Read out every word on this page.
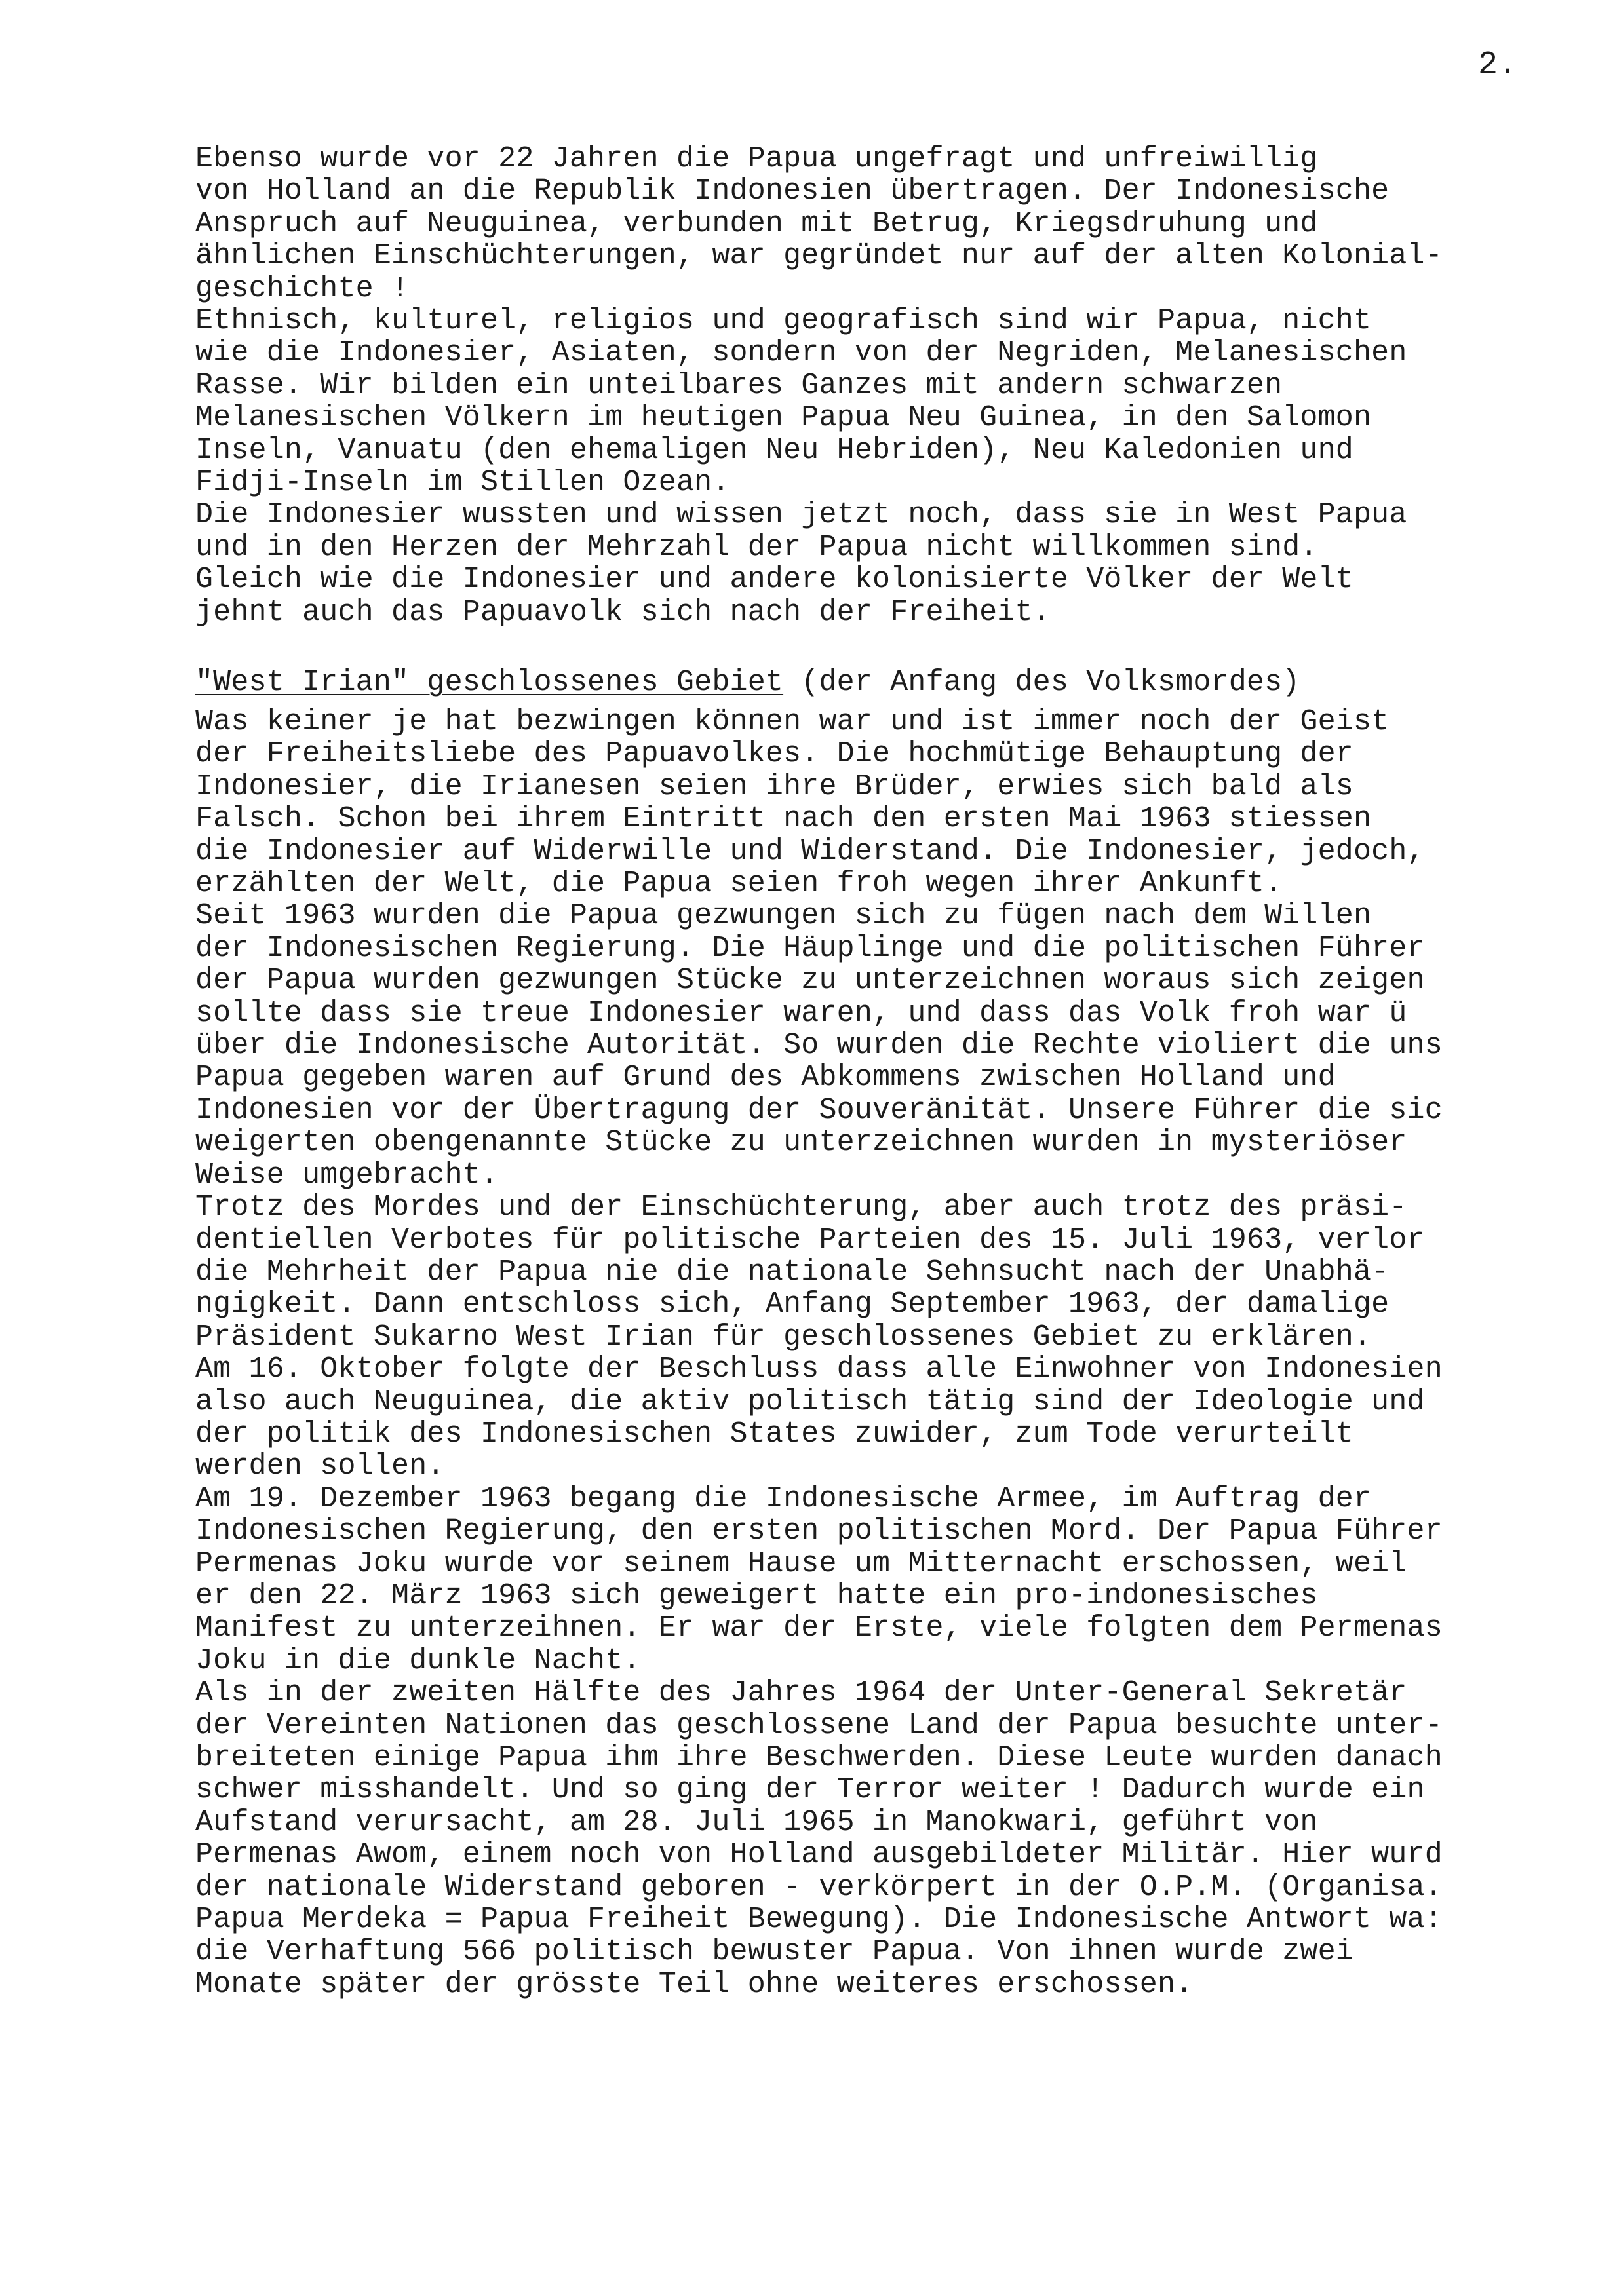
2.
Ebenso wurde vor 22 Jahren die Papua ungefragt und unfreiwillig
von Holland an die Republik Indonesien übertragen. Der Indonesische
Anspruch auf Neuguinea, verbunden mit Betrug, Kriegsdruhung und
ähnlichen Einschüchterungen, war gegründet nur auf der alten Kolonial-
geschichte !
Ethnisch, kulturel, religios und geografisch sind wir Papua, nicht
wie die Indonesier, Asiaten, sondern von der Negriden, Melanesischen
Rasse. Wir bilden ein unteilbares Ganzes mit andern schwarzen
Melanesischen Völkern im heutigen Papua Neu Guinea, in den Salomon
Inseln, Vanuatu (den ehemaligen Neu Hebriden), Neu Kaledonien und
Fidji-Inseln im Stillen Ozean.
Die Indonesier wussten und wissen jetzt noch, dass sie in West Papua
und in den Herzen der Mehrzahl der Papua nicht willkommen sind.
Gleich wie die Indonesier und andere kolonisierte Völker der Welt
jehnt auch das Papuavolk sich nach der Freiheit.
"West Irian" geschlossenes Gebiet (der Anfang des Volksmordes)
Was keiner je hat bezwingen können war und ist immer noch der Geist
der Freiheitsliebe des Papuavolkes. Die hochmütige Behauptung der
Indonesier, die Irianesen seien ihre Brüder, erwies sich bald als
Falsch. Schon bei ihrem Eintritt nach den ersten Mai 1963 stiessen
die Indonesier auf Widerwille und Widerstand. Die Indonesier, jedoch,
erzählten der Welt, die Papua seien froh wegen ihrer Ankunft.
Seit 1963 wurden die Papua gezwungen sich zu fügen nach dem Willen
der Indonesischen Regierung. Die Häuplinge und die politischen Führer
der Papua wurden gezwungen Stücke zu unterzeichnen woraus sich zeigen
sollte dass sie treue Indonesier waren, und dass das Volk froh war ü
über die Indonesische Autorität. So wurden die Rechte violiert die uns
Papua gegeben waren auf Grund des Abkommens zwischen Holland und
Indonesien vor der Übertragung der Souveränität. Unsere Führer die sic
weigerten obengenannte Stücke zu unterzeichnen wurden in mysteriöser
Weise umgebracht.
Trotz des Mordes und der Einschüchterung, aber auch trotz des präsi-
dentiellen Verbotes für politische Parteien des 15. Juli 1963, verlor
die Mehrheit der Papua nie die nationale Sehnsucht nach der Unabhä-
ngigkeit. Dann entschloss sich, Anfang September 1963, der damalige
Präsident Sukarno West Irian für geschlossenes Gebiet zu erklären.
Am 16. Oktober folgte der Beschluss dass alle Einwohner von Indonesien
also auch Neuguinea, die aktiv politisch tätig sind der Ideologie und
der politik des Indonesischen States zuwider, zum Tode verurteilt
werden sollen.
Am 19. Dezember 1963 begang die Indonesische Armee, im Auftrag der
Indonesischen Regierung, den ersten politischen Mord. Der Papua Führer
Permenas Joku wurde vor seinem Hause um Mitternacht erschossen, weil
er den 22. März 1963 sich geweigert hatte ein pro-indonesisches
Manifest zu unterzeihnen. Er war der Erste, viele folgten dem Permenas
Joku in die dunkle Nacht.
Als in der zweiten Hälfte des Jahres 1964 der Unter-General Sekretär
der Vereinten Nationen das geschlossene Land der Papua besuchte unter-
breiteten einige Papua ihm ihre Beschwerden. Diese Leute wurden danach
schwer misshandelt. Und so ging der Terror weiter ! Dadurch wurde ein
Aufstand verursacht, am 28. Juli 1965 in Manokwari, geführt von
Permenas Awom, einem noch von Holland ausgebildeter Militär. Hier wurd
der nationale Widerstand geboren - verkörpert in der O.P.M. (Organisa.
Papua Merdeka = Papua Freiheit Bewegung). Die Indonesische Antwort wa:
die Verhaftung 566 politisch bewuster Papua. Von ihnen wurde zwei
Monate später der grösste Teil ohne weiteres erschossen.
